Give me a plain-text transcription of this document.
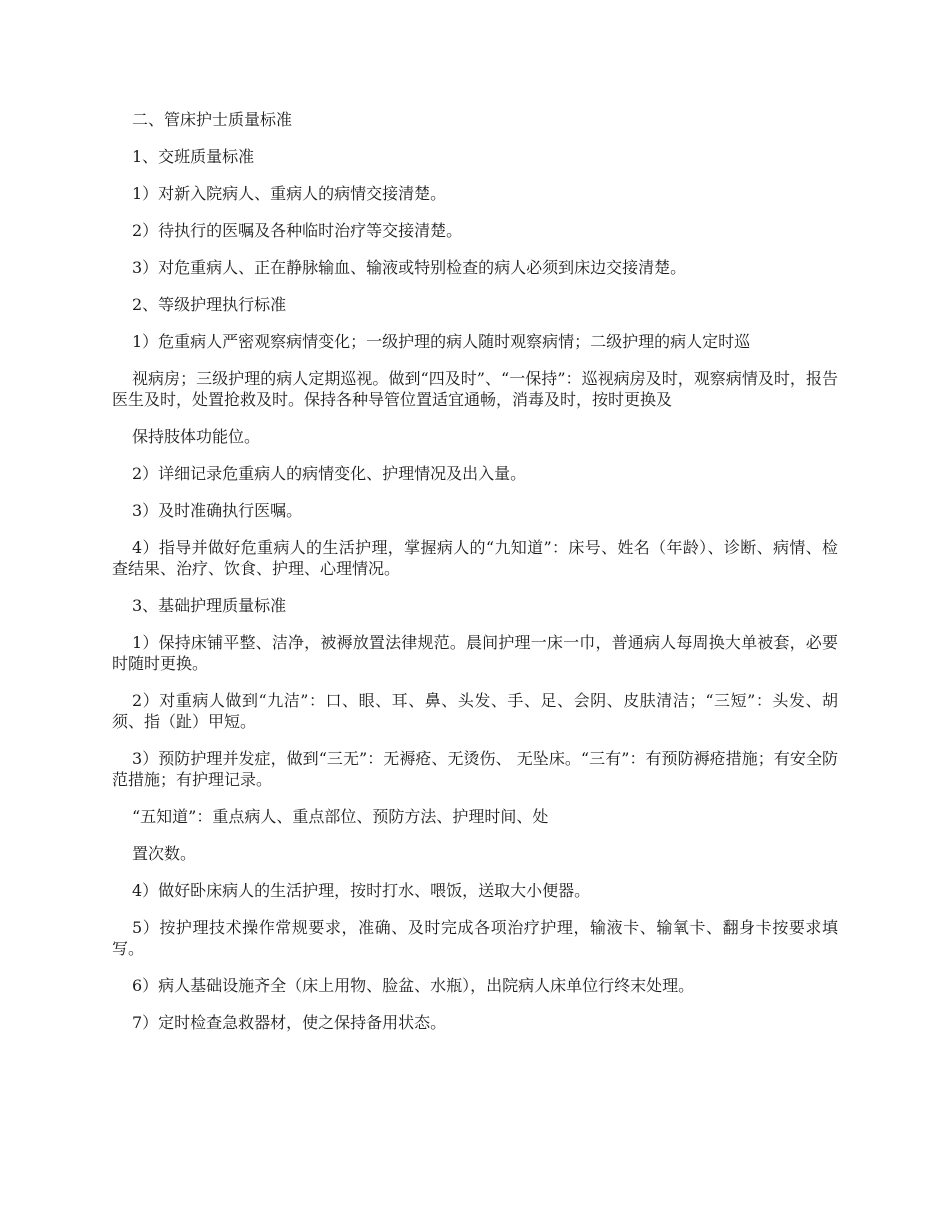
二、管床护士质量标准

1、交班质量标准

1）对新入院病人、重病人的病情交接清楚。

2）待执行的医嘱及各种临时治疗等交接清楚。

3）对危重病人、正在静脉输血、输液或特别检查的病人必须到床边交接清楚。

2、等级护理执行标准

1）危重病人严密观察病情变化；一级护理的病人随时观察病情；二级护理的病人定时巡

视病房；三级护理的病人定期巡视。做到“四及时”、“一保持”：巡视病房及时，观察病情及时，报告医生及时，处置抢救及时。保持各种导管位置适宜通畅，消毒及时，按时更换及

保持肢体功能位。

2）详细记录危重病人的病情变化、护理情况及出入量。

3）及时准确执行医嘱。

4）指导并做好危重病人的生活护理，掌握病人的“九知道”：床号、姓名（年龄）、诊断、病情、检查结果、治疗、饮食、护理、心理情况。

3、基础护理质量标准

1）保持床铺平整、洁净，被褥放置法律规范。晨间护理一床一巾，普通病人每周换大单被套，必要时随时更换。

2）对重病人做到“九洁”：口、眼、耳、鼻、头发、手、足、会阴、皮肤清洁；“三短”：头发、胡须、指（趾）甲短。

3）预防护理并发症，做到“三无”：无褥疮、无烫伤、 无坠床。“三有”：有预防褥疮措施；有安全防范措施；有护理记录。

“五知道”：重点病人、重点部位、预防方法、护理时间、处

置次数。

4）做好卧床病人的生活护理，按时打水、喂饭，送取大小便器。

5）按护理技术操作常规要求，准确、及时完成各项治疗护理，输液卡、输氧卡、翻身卡按要求填写。

6）病人基础设施齐全（床上用物、脸盆、水瓶），出院病人床单位行终末处理。

7）定时检查急救器材，使之保持备用状态。
